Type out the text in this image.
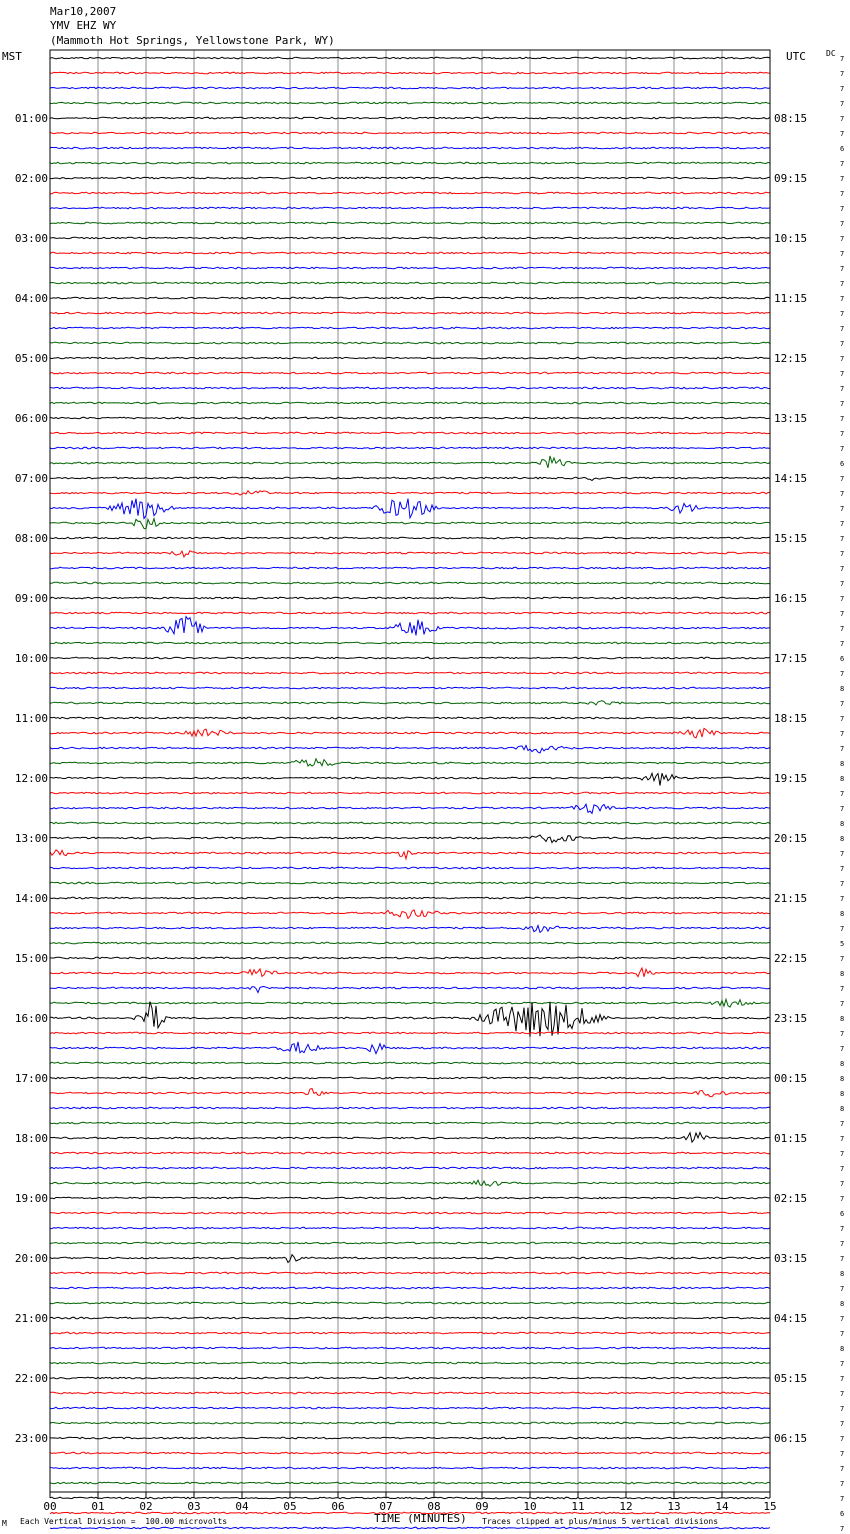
Mar10,2007
YMV EHZ WY
(Mammoth Hot Springs, Yellowstone Park, WY)
MST	UTC	DC
01:00
02:00
03:00
04:00
05:00
06:00
07:00
08:00
09:00
10:00
11:00
12:00
13:00
14:00
15:00
16:00
17:00
18:00
19:00
20:00
21:00
22:00
23:00
08:15
09:15
10:15
11:15
12:15
13:15
14:15
15:15
16:15
17:15
18:15
19:15
20:15
21:15
22:15
23:15
00:15
01:15
02:15
03:15
04:15
05:15
06:15
7
7
7
7
7
7
6
7
7
7
7
7
7
7
7
7
7
7
7
7
7
7
7
7
7
7
7
6
7
7
7
7
7
7
7
7
7
7
7
7
6
7
8
7
7
7
7
8
8
7
7
8
8
7
7
7
7
8
7
5
7
8
7
7
8
7
7
8
8
8
8
7
7
7
7
7
7
6
7
7
7
8
7
8
7
7
8
7
7
7
7
7
7
7
7
7
7
6
7
00	01	02	03	04	05	06	07	08	09	10	11	12	13	14	15
M Each Vertical Division =  100.00 microvolts	TIME (MINUTES) Traces clipped at plus/minus 5 vertical divisions
